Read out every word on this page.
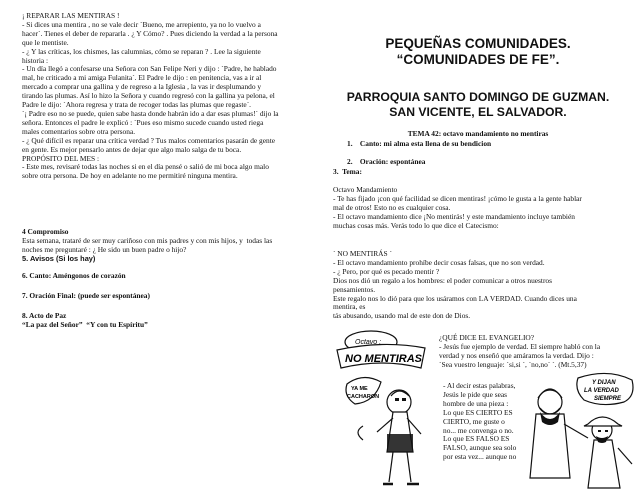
¡ REPARAR LAS MENTIRAS !

- Si dices una mentira , no se vale decir `Bueno, me arrepiento, ya no lo vuelvo a

hacer´. Tienes el deber de repararla . ¿ Y Cómo? . Pues diciendo la verdad a la persona

que le mentiste.

- ¿ Y las críticas, los chismes, las calumnias, cómo se reparan ? . Lee la siguiente

historia :

- Un día llegó a confesarse una Señora con San Felipe Neri y dijo : `Padre, he hablado

mal, he criticado a mi amiga Fulanita´. El Padre le dijo : en penitencia, vas a ir al

mercado a comprar una gallina y de regreso a la Iglesia , la vas ir desplumando y

tirando las plumas. Así lo hizo la Señora y cuando regresó con la gallina ya pelona, el

Padre le dijo: `Ahora regresa y trata de recoger todas las plumas que regaste´.

`¡ Padre eso no se puede, quien sabe hasta donde habrán ido a dar esas plumas!´ dijo la

señora. Entonces el padre le explicó : `Pues eso mismo sucede cuando usted riega

males comentarios sobre otra persona.

- ¿ Qué difícil es reparar una crítica verdad ? Tus malos comentarios pasarán de gente

en gente. Es mejor pensarlo antes de dejar que algo malo salga de tu boca.

PROPÓSITO DEL MES :

- Este mes, revisaré todas las noches si en el día pensé o salió de mi boca algo malo

sobre otra persona. De hoy en adelante no me permitiré ninguna mentira.

4 Compromiso

Esta semana, trataré de ser muy cariñoso con mis padres y con mis hijos, y  todas las

noches me preguntaré : ¿ He sido un buen padre o hijo?

5. Avisos (Si los hay)

6. Canto: Améngonos de corazón

7. Oración Final: (puede ser espontánea)

8. Acto de Paz

“La paz del Señor”  “Y con tu Espíritu”

PEQUEÑAS COMUNIDADES.
“COMUNIDADES DE FE”.
PARROQUIA SANTO DOMINGO DE GUZMAN.
SAN VICENTE, EL SALVADOR.

TEMA 42: octavo mandamiento no mentiras

1.    Canto: mi alma esta llena de su bendicion

2.    Oración: espontánea

3.  Tema:

Octavo Mandamiento

- Te has fijado ¡con qué facilidad se dicen mentiras! ¡cómo le gusta a la gente hablar

mal de otros! Esto no es cualquier cosa.

- El octavo mandamiento dice ¡No mentirás! y este mandamiento incluye también

muchas cosas más. Verás todo lo que dice el Catecismo:

´ NO MENTIRÁS ´

- El octavo mandamiento prohíbe decir cosas falsas, que no son verdad.

- ¿ Pero, por qué es pecado mentir ?

Dios nos dió un regalo a los hombres: el poder comunicar a otros nuestros

pensamientos.

Este regalo nos lo dió para que los usáramos con LA VERDAD. Cuando dices una

mentira, es

tás abusando, usando mal de este don de Dios.

¿QUÉ DICE EL EVANGELIO?

- Jesús fue ejemplo de verdad. El siempre habló con la

verdad y nos enseñó que amáramos la verdad. Dijo :

`Sea vuestro lenguaje: `si,si ´, `no,no´ ´. (Mt.5,37)

- Al decir estas palabras,

Jesús le pide que seas

hombre de una pieza :

Lo que ES CIERTO ES

CIERTO, me guste o

no... me convenga o no.

Lo que ES FALSO ES

FALSO, aunque sea solo

por esta vez... aunque no

Octavo :
NO MENTIRAS
YA ME
CACHARON
Y DIJAN
LA VERDAD
SIEMPRE
